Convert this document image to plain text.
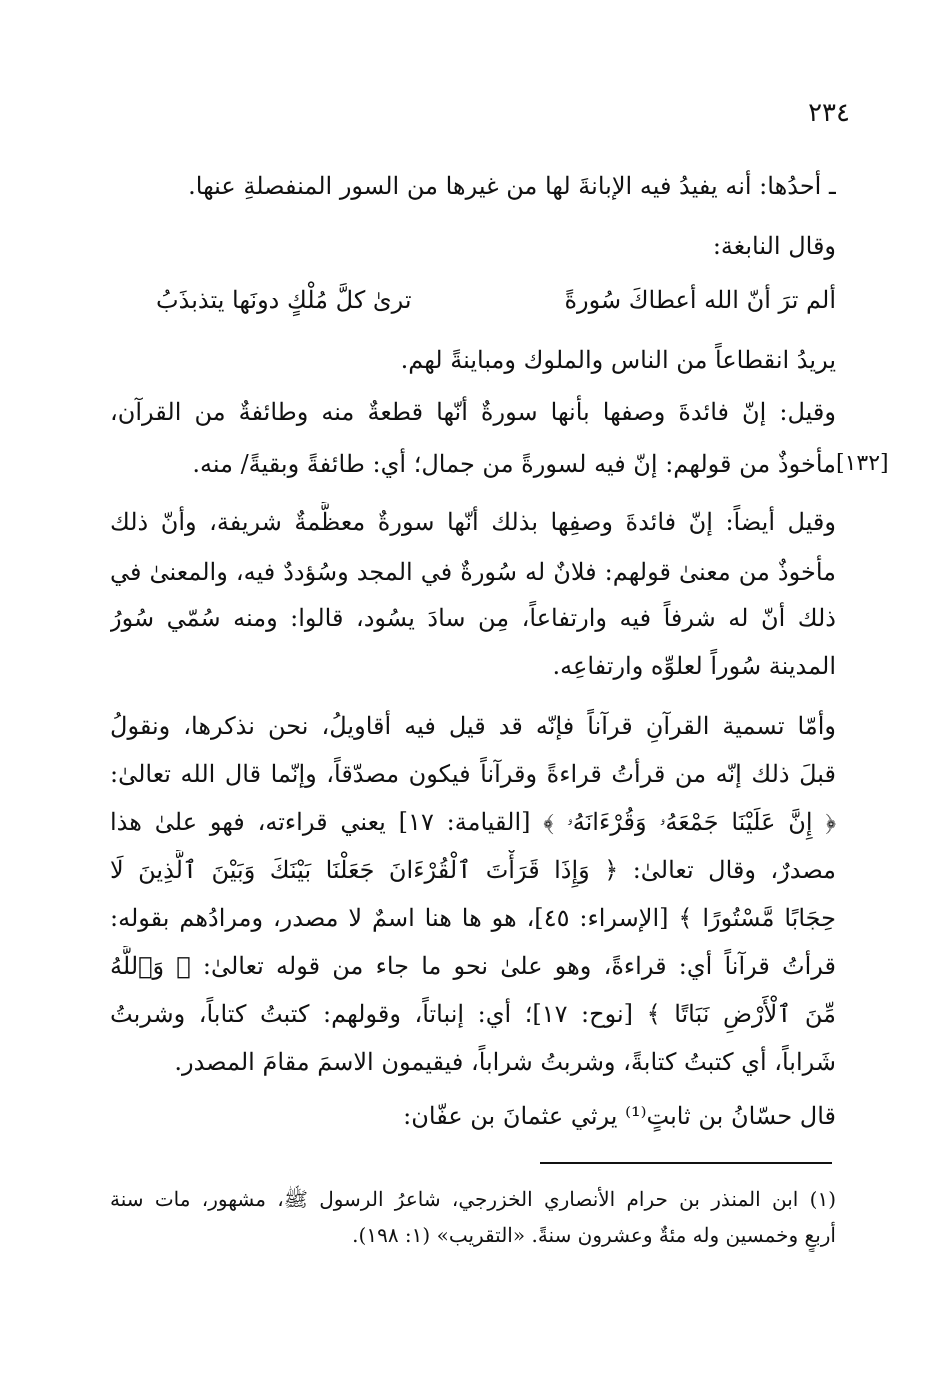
٢٣٤
[١٣٢]
ـ أحدُها: أنه يفيدُ فيه الإبانةَ لها من غيرها من السور المنفصلةِ عنها.
وقال النابغة:
ألم ترَ أنّ الله أعطاكَ سُورةً
ترىٰ كلَّ مُلْكٍ دونَها يتذبذَبُ
يريدُ انقطاعاً من الناس والملوك ومباينةً لهم.
وقيل: إنّ فائدةَ وصفها بأنها سورةٌ أنّها قطعةٌ منه وطائفةٌ من القرآن،
مأخوذٌ من قولهم: إنّ فيه لسورةً من جمال؛ أي: طائفةً وبقيةً/ منه.
وقيل أيضاً: إنّ فائدةَ وصفِها بذلك أنّها سورةٌ معظَّمةٌ شريفة، وأنّ ذلك
مأخوذٌ من معنىٰ قولهم: فلانٌ له سُورةٌ في المجد وسُؤددٌ فيه، والمعنىٰ في
ذلك أنّ له شرفاً فيه وارتفاعاً، مِن سادَ يسُود، قالوا: ومنه سُمّي سُورُ
المدينة سُوراً لعلوِّه وارتفاعِه.
وأمّا تسمية القرآنِ قرآناً فإنّه قد قيل فيه أقاويلُ، نحن نذكرها، ونقولُ
قبلَ ذلك إنّه من قرأتُ قراءةً وقرآناً فيكون مصدّقاً، وإنّما قال الله تعالىٰ:
﴿ إِنَّ عَلَيْنَا جَمْعَهُۥ وَقُرْءَانَهُۥ ﴾ [القيامة: ١٧] يعني قراءته، فهو علىٰ هذا
مصدرٌ، وقال تعالىٰ: ﴿ وَإِذَا قَرَأْتَ ٱلْقُرْءَانَ جَعَلْنَا بَيْنَكَ وَبَيْنَ ٱلَّذِينَ لَا
حِجَابًا مَّسْتُورًا ﴾ [الإسراء: ٤٥]، هو ها هنا اسمٌ لا مصدر، ومرادُهم بقوله:
قرأتُ قرآناً أي: قراءةً، وهو علىٰ نحو ما جاء من قوله تعالىٰ: ﴿ وَٱللَّهُ
مِّنَ ٱلْأَرْضِ نَبَاتًا ﴾ [نوح: ١٧]؛ أي: إنباتاً، وقولهم: كتبتُ كتاباً، وشربتُ
شَراباً، أي كتبتُ كتابةً، وشربتُ شراباً، فيقيمون الاسمَ مقامَ المصدر.
قال حسّانُ بن ثابتٍ⁽¹⁾ يرثي عثمانَ بن عفّان:
(١) ابن المنذر بن حرام الأنصاري الخزرجي، شاعرُ الرسول ﷺ، مشهور، مات سنة
أربعٍ وخمسين وله مئةٌ وعشرون سنةً. «التقريب» (١: ١٩٨).
